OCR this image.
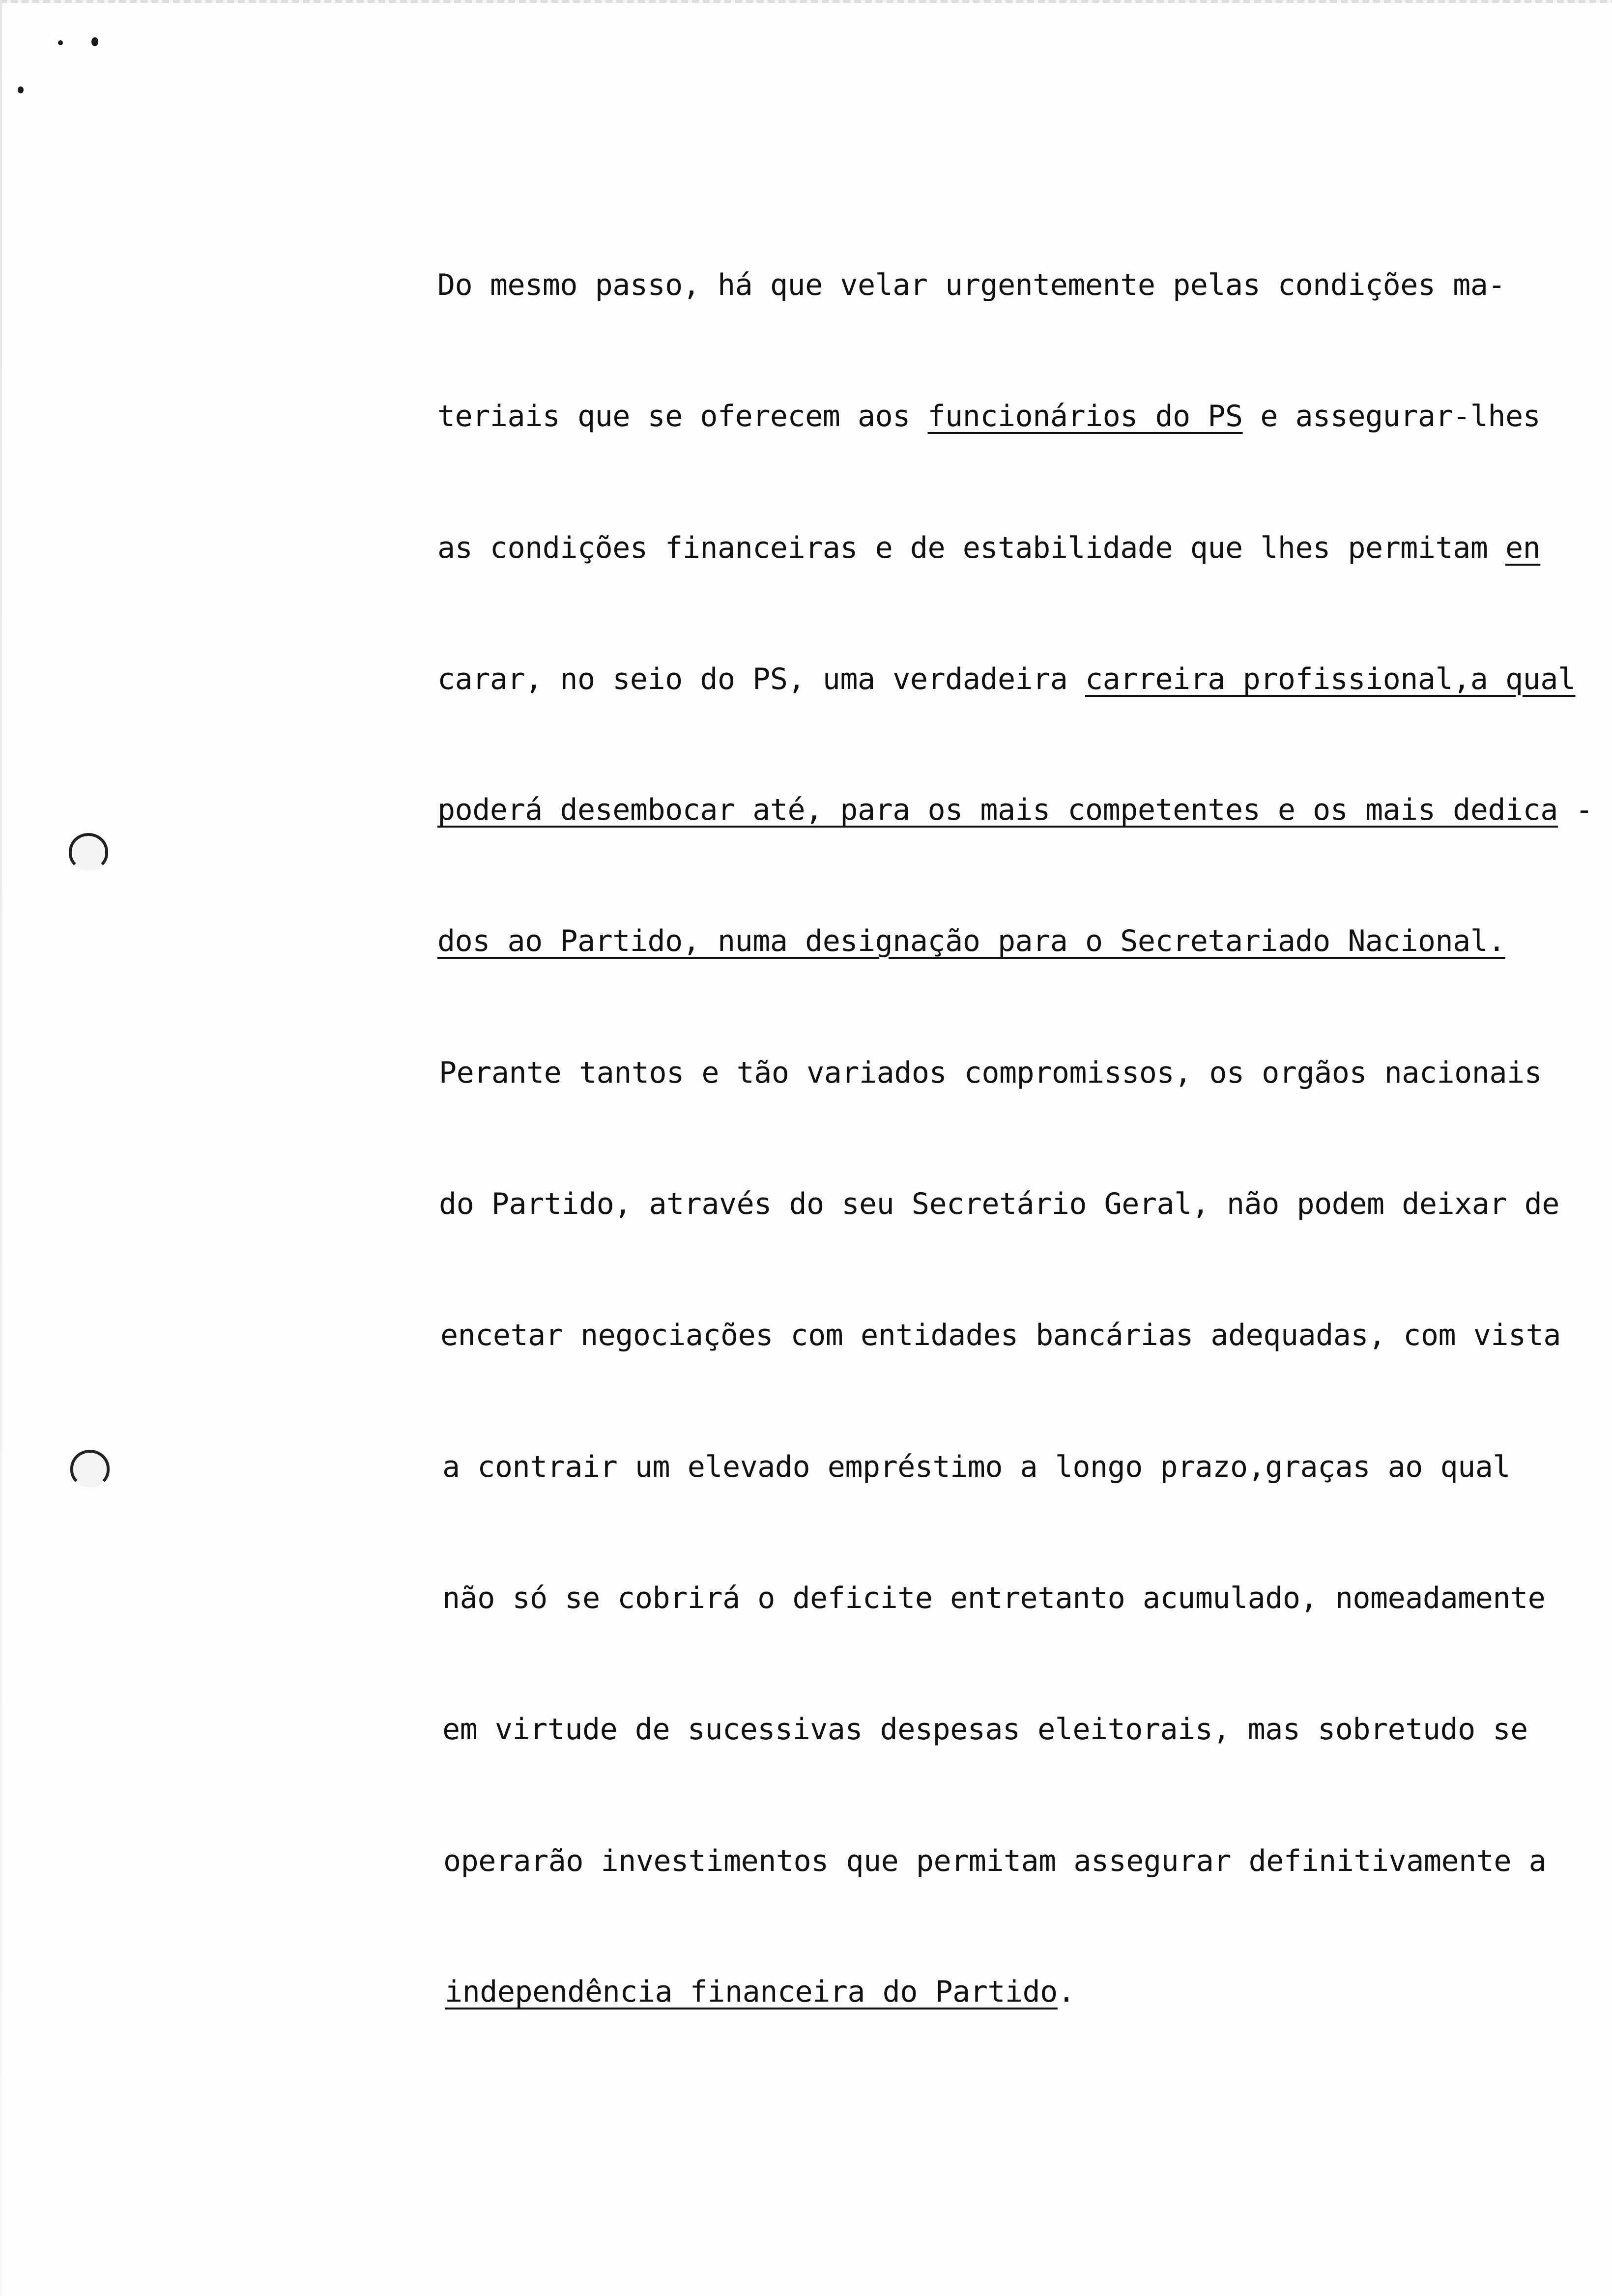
Do mesmo passo, há que velar urgentemente pelas condições ma-
teriais que se oferecem aos funcionários do PS e assegurar-lhes
as condições financeiras e de estabilidade que lhes permitam en
carar, no seio do PS, uma verdadeira carreira profissional,a qual
poderá desembocar até, para os mais competentes e os mais dedica -
dos ao Partido, numa designação para o Secretariado Nacional.
Perante tantos e tão variados compromissos, os orgãos nacionais
do Partido, através do seu Secretário Geral, não podem deixar de
encetar negociações com entidades bancárias adequadas, com vista
a contrair um elevado empréstimo a longo prazo,graças ao qual
não só se cobrirá o deficite entretanto acumulado, nomeadamente
em virtude de sucessivas despesas eleitorais, mas sobretudo se
operarão investimentos que permitam assegurar definitivamente a
independência financeira do Partido.
